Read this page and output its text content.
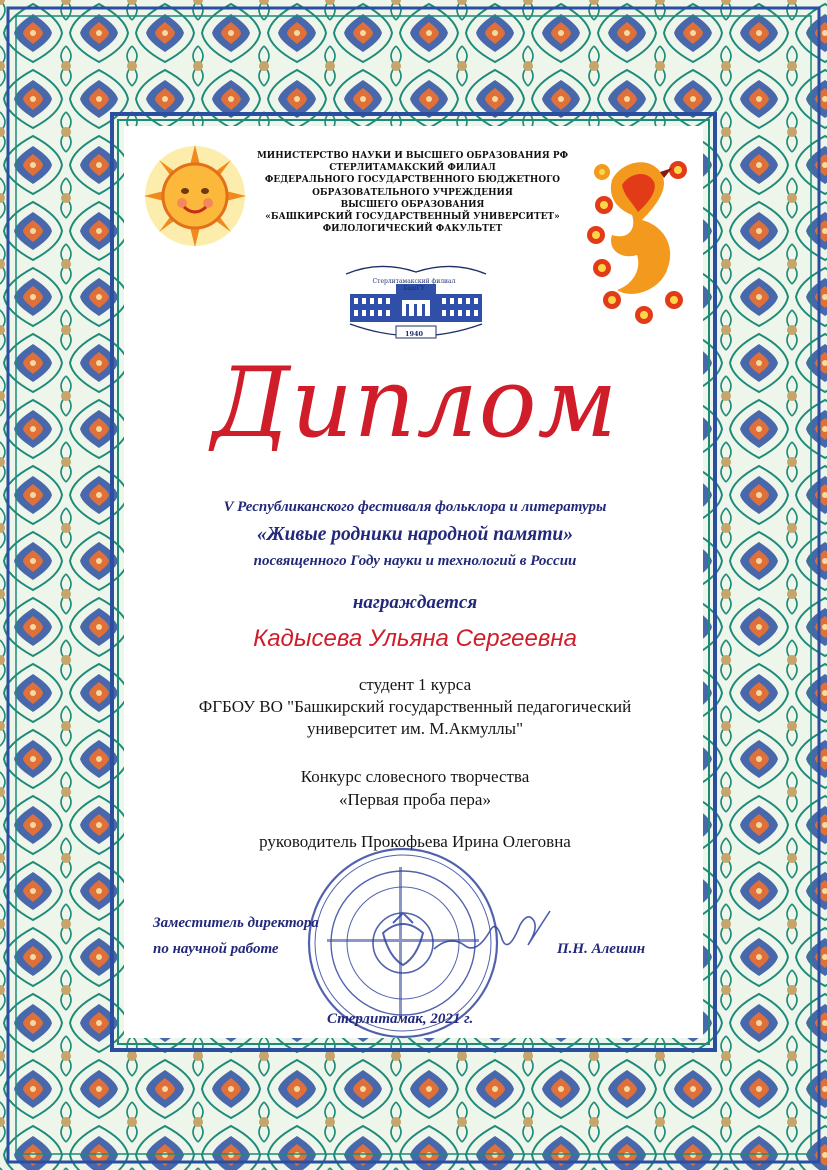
МИНИСТЕРСТВО НАУКИ И ВЫСШЕГО ОБРАЗОВАНИЯ РФ
СТЕРЛИТАМАКСКИЙ ФИЛИАЛ
ФЕДЕРАЛЬНОГО ГОСУДАРСТВЕННОГО БЮДЖЕТНОГО
ОБРАЗОВАТЕЛЬНОГО УЧРЕЖДЕНИЯ
ВЫСШЕГО ОБРАЗОВАНИЯ
«БАШКИРСКИЙ ГОСУДАРСТВЕННЫЙ УНИВЕРСИТЕТ»
ФИЛОЛОГИЧЕСКИЙ ФАКУЛЬТЕТ
Стерлитамакский филиал
БашГУ
1940
Диплом
V Республиканского фестиваля фольклора и литературы
«Живые родники народной памяти»
посвященного Году науки и технологий в России
награждается
Кадысева Ульяна Сергеевна
студент 1 курса
ФГБОУ ВО "Башкирский государственный педагогический
университет им. М.Акмуллы"
Конкурс словесного творчества
«Первая проба пера»
руководитель Прокофьева Ирина Олеговна
Заместитель директора
по научной работе	П.Н. Алешин
Стерлитамак, 2021 г.
